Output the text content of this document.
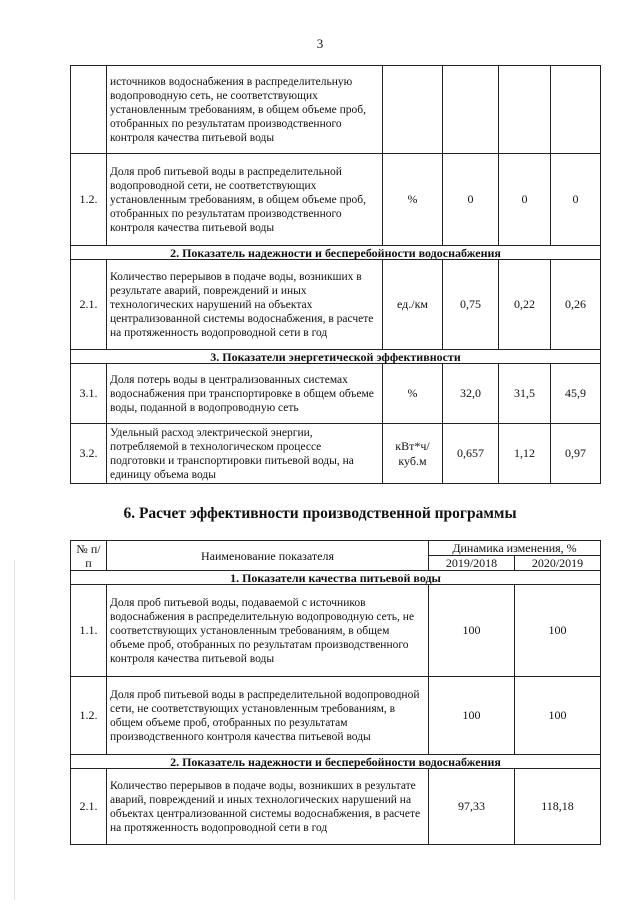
3
	источников водоснабжения в распределительную водопроводную сеть, не соответствующих установленным требованиям, в общем объеме проб, отобранных по результатам производственного контроля качества питьевой воды				
1.2.	Доля проб питьевой воды в распределительной водопроводной сети, не соответствующих установленным требованиям, в общем объеме проб, отобранных по результатам производственного контроля качества питьевой воды	%	0	0	0
2. Показатель надежности и бесперебойности водоснабжения					
2.1.	Количество перерывов в подаче воды, возникших в результате аварий, повреждений и иных технологических нарушений на объектах централизованной системы водоснабжения, в расчете на протяженность водопроводной сети в год	ед./км	0,75	0,22	0,26
3. Показатели энергетической эффективности					
3.1.	Доля потерь воды в централизованных системах водоснабжения при транспортировке в общем объеме воды, поданной в водопроводную сеть	%	32,0	31,5	45,9
3.2.	Удельный расход электрической энергии, потребляемой в технологическом процессе подготовки и транспортировки питьевой воды, на единицу объема воды	кВт*ч/ куб.м	0,657	1,12	0,97
6. Расчет эффективности производственной программы
№ п/п	Наименование показателя	Динамика изменения, %	
		2019/2018	2020/2019
1. Показатели качества питьевой воды			
1.1.	Доля проб питьевой воды, подаваемой с источников водоснабжения в распределительную водопроводную сеть, не соответствующих установленным требованиям, в общем объеме проб, отобранных по результатам производственного контроля качества питьевой воды	100	100
1.2.	Доля проб питьевой воды в распределительной водопроводной сети, не соответствующих установленным требованиям, в общем объеме проб, отобранных по результатам производственного контроля качества питьевой воды	100	100
2. Показатель надежности и бесперебойности водоснабжения			
2.1.	Количество перерывов в подаче воды, возникших в результате аварий, повреждений и иных технологических нарушений на объектах централизованной системы водоснабжения, в расчете на протяженность водопроводной сети в год	97,33	118,18
